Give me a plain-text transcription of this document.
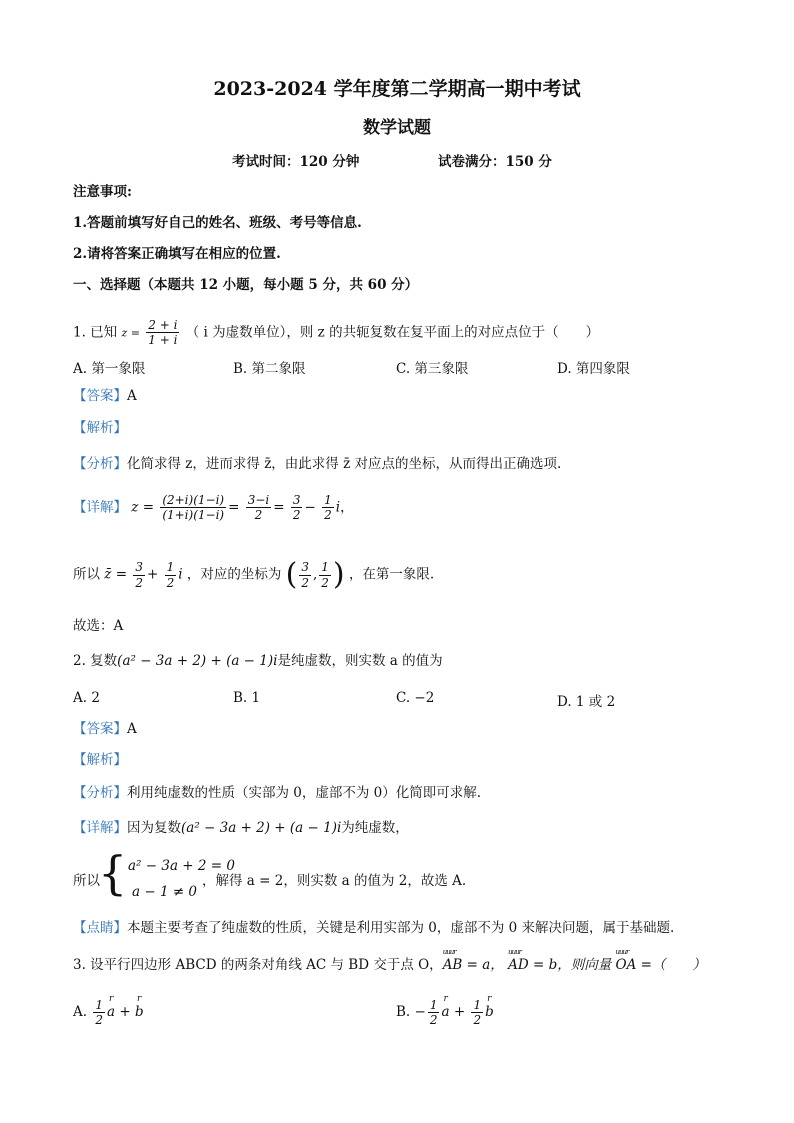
2023-2024 学年度第二学期高一期中考试
数学试题
考试时间：120 分钟	试卷满分：150 分
注意事项:
1.答题前填写好自己的姓名、班级、考号等信息.
2.请将答案正确填写在相应的位置.
一、选择题（本题共 12 小题，每小题 5 分，共 60 分）
1. 已知 $z = \frac{2 + i}{1 + i}$ （ i 为虚数单位），则 z 的共轭复数在复平面上的对应点位于（　　）
A. 第一象限	B. 第二象限	C. 第三象限	D. 第四象限
【答案】A
【解析】
【分析】化简求得 z，进而求得 z̄，由此求得 z̄ 对应点的坐标，从而得出正确选项.
【详解】 $z = \frac{(2+i)(1-i)}{(1+i)(1-i)} = \frac{3-i}{2} = \frac{3}{2} - \frac{1}{2}$ i，
所以 z̄ = $\frac{3}{2} + \frac{1}{2}$ i ，对应的坐标为 ( $\frac{3}{2}$ , $\frac{1}{2}$ ) ，在第一象限.
故选：A
2. 复数(a² − 3a + 2) + (a − 1)i是纯虚数，则实数 a 的值为
A. 2	B. 1	C. −2	D. 1 或 2
【答案】A
【解析】
【分析】利用纯虚数的性质（实部为 0，虚部不为 0）化简即可求解.
【详解】因为复数(a² − 3a + 2) + (a − 1)i为纯虚数，
所以
{ a² − 3a + 2 = 0
a − 1 ≠ 0
，解得 a = 2，则实数 a 的值为 2，故选 A.
【点睛】本题主要考查了纯虚数的性质，关键是利用实部为 0，虚部不为 0 来解决问题，属于基础题.
3. 设平行四边形 ABCD 的两条对角线 AC 与 BD 交于点 O，uuur AB = a， uuur AD = b，则向量 uuur OA =（　　）
A. $\frac{1}{2}$ r a + r b	B. − $\frac{1}{2}$ r $a + \frac{1}{2}$ r b
